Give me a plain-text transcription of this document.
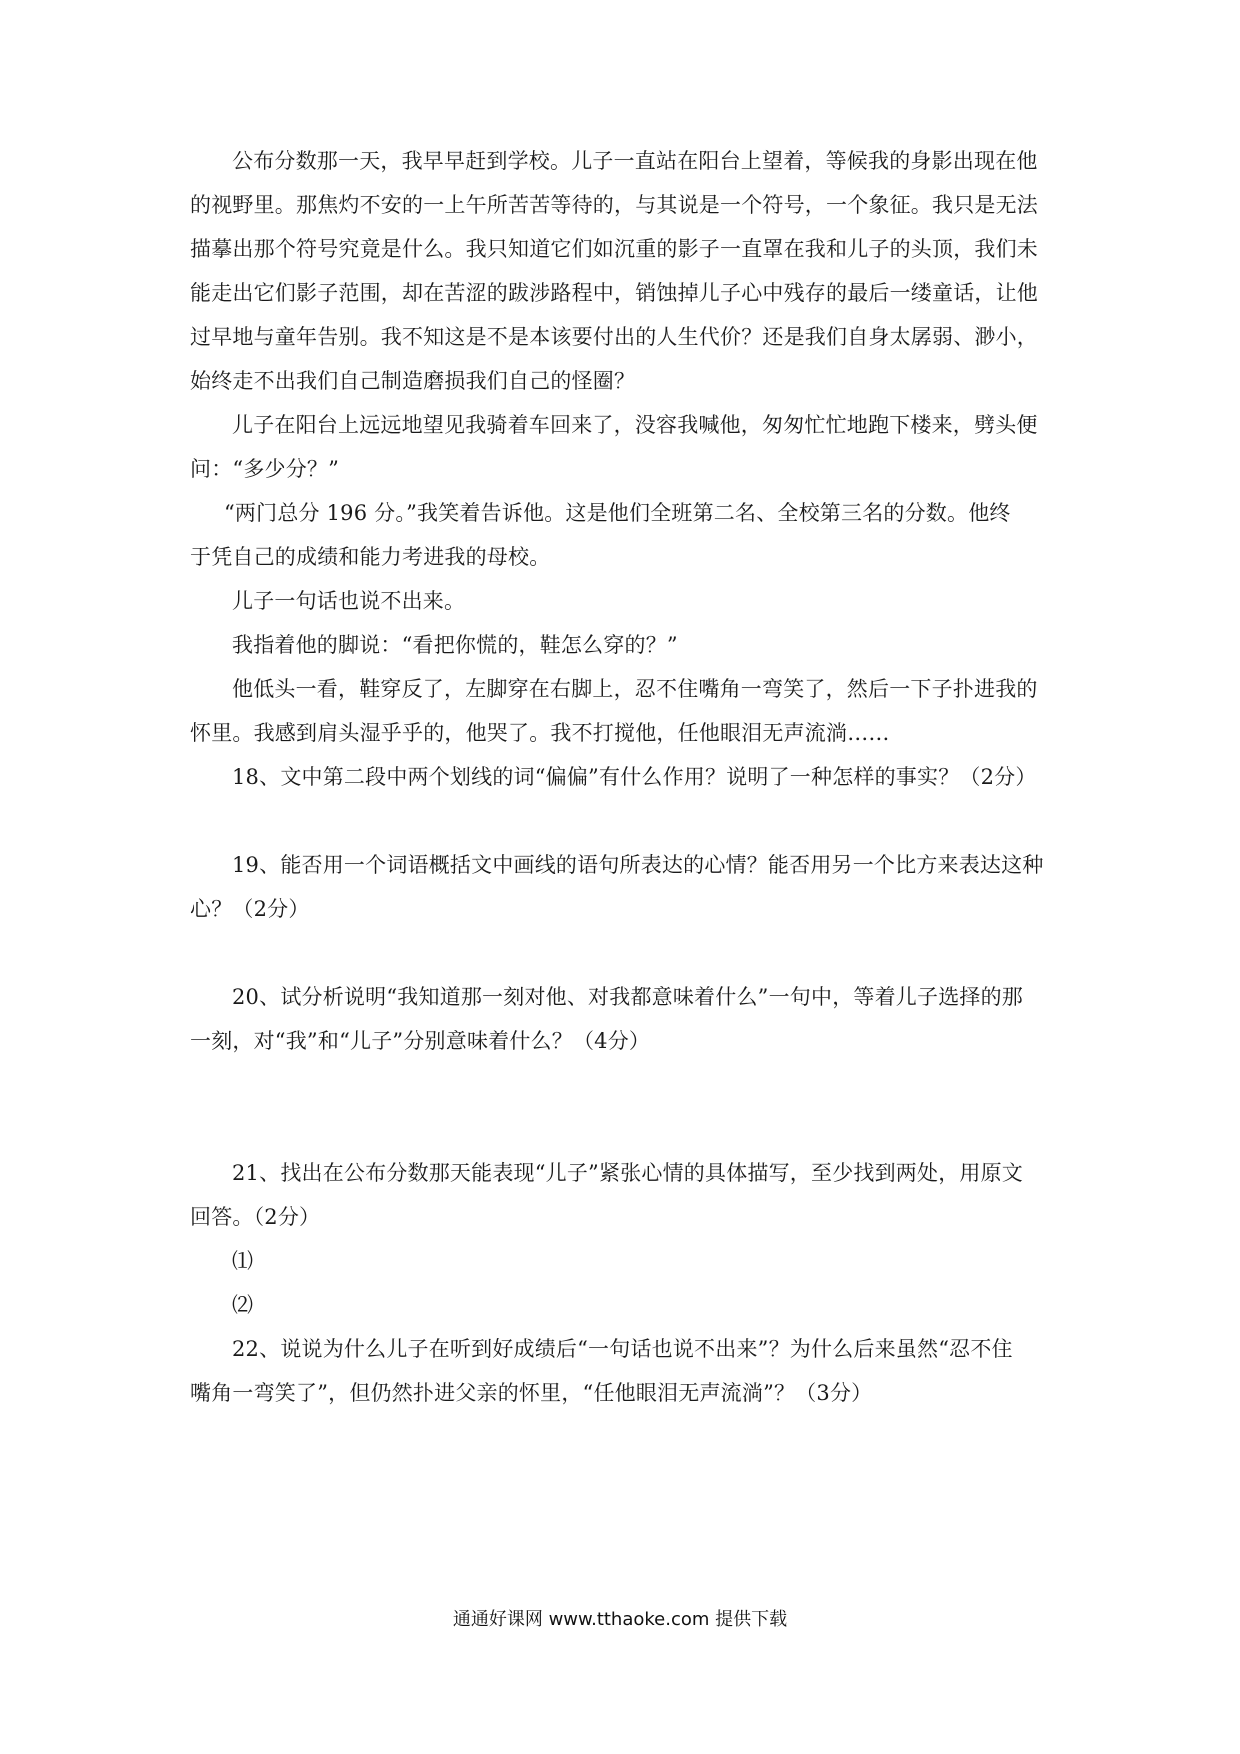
公布分数那一天，我早早赶到学校。儿子一直站在阳台上望着，等候我的身影出现在他
的视野里。那焦灼不安的一上午所苦苦等待的，与其说是一个符号，一个象征。我只是无法
描摹出那个符号究竟是什么。我只知道它们如沉重的影子一直罩在我和儿子的头顶，我们未
能走出它们影子范围，却在苦涩的跋涉路程中，销蚀掉儿子心中残存的最后一缕童话，让他
过早地与童年告别。我不知这是不是本该要付出的人生代价？还是我们自身太孱弱、渺小，
始终走不出我们自己制造磨损我们自己的怪圈？
儿子在阳台上远远地望见我骑着车回来了，没容我喊他，匆匆忙忙地跑下楼来，劈头便
问：“多少分？”
“两门总分 196 分。”我笑着告诉他。这是他们全班第二名、全校第三名的分数。他终
于凭自己的成绩和能力考进我的母校。
儿子一句话也说不出来。
我指着他的脚说：“看把你慌的，鞋怎么穿的？”
他低头一看，鞋穿反了，左脚穿在右脚上，忍不住嘴角一弯笑了，然后一下子扑进我的
怀里。我感到肩头湿乎乎的，他哭了。我不打搅他，任他眼泪无声流淌……
18、文中第二段中两个划线的词“偏偏”有什么作用？说明了一种怎样的事实？（2分）
19、能否用一个词语概括文中画线的语句所表达的心情？能否用另一个比方来表达这种
心？（2分）
20、试分析说明“我知道那一刻对他、对我都意味着什么”一句中，等着儿子选择的那
一刻，对“我”和“儿子”分别意味着什么？（4分）
21、找出在公布分数那天能表现“儿子”紧张心情的具体描写，至少找到两处，用原文
回答。（2分）
⑴
⑵
22、说说为什么儿子在听到好成绩后“一句话也说不出来”？为什么后来虽然“忍不住
嘴角一弯笑了”，但仍然扑进父亲的怀里，“任他眼泪无声流淌”？（3分）
通通好课网 www.tthaoke.com 提供下载
